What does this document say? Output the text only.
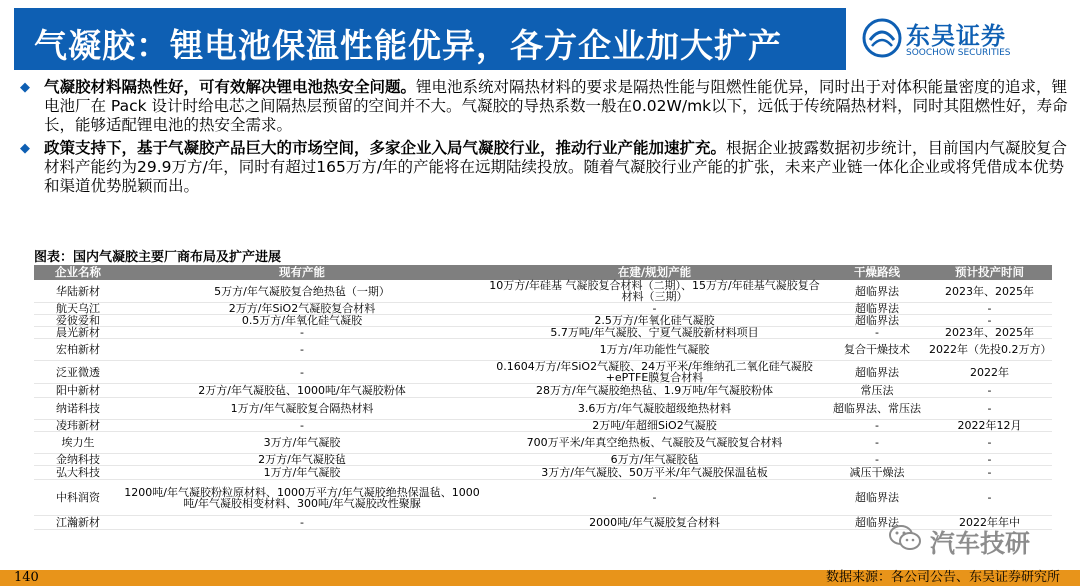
气凝胶：锂电池保温性能优异，各方企业加大扩产	东吴证券
SOOCHOW SECURITIES
◆ 气凝胶材料隔热性好，可有效解决锂电池热安全问题。锂电池系统对隔热材料的要求是隔热性能与阻燃性能优异，同时出于对体积能量密度的追求，锂电池厂在 Pack 设计时给电芯之间隔热层预留的空间并不大。气凝胶的导热系数一般在0.02W/mk以下，远低于传统隔热材料，同时其阻燃性好，寿命长，能够适配锂电池的热安全需求。
◆ 政策支持下，基于气凝胶产品巨大的市场空间，多家企业入局气凝胶行业，推动行业产能加速扩充。根据企业披露数据初步统计，目前国内气凝胶复合材料产能约为29.9万方/年，同时有超过165万方/年的产能将在远期陆续投放。随着气凝胶行业产能的扩张，未来产业链一体化企业或将凭借成本优势和渠道优势脱颖而出。
图表：国内气凝胶主要厂商布局及扩产进展
企业名称	现有产能	在建/规划产能	干燥路线	预计投产时间
华陆新材	5万方/年气凝胶复合绝热毡（一期）	10万方/年硅基 气凝胶复合材料（二期）、15万方/年硅基气凝胶复合材料（三期）	超临界法	2023年、2025年
航天乌江	2万方/年SiO2气凝胶复合材料	-	超临界法	-
爱彼爱和	0.5万方/年氧化硅气凝胶	2.5万方/年氧化硅气凝胶	超临界法	-
晨光新材	-	5.7万吨/年气凝胶、宁夏气凝胶新材料项目	-	2023年、2025年
宏柏新材	-	1万方/年功能性气凝胶	复合干燥技术	2022年（先投0.2万方）
泛亚微透	-	0.1604万方/年SiO2气凝胶、24万平米/年维纳孔二氧化硅气凝胶+ePTFE膜复合材料	超临界法	2022年
阳中新材	2万方/年气凝胶毡、1000吨/年气凝胶粉体	28万方/年气凝胶绝热毡、1.9万吨/年气凝胶粉体	常压法	-
纳诺科技	1万方/年气凝胶复合隔热材料	3.6万方/年气凝胶超级绝热材料	超临界法、常压法	-
凌玮新材	-	2万吨/年超细SiO2气凝胶	-	2022年12月
埃力生	3万方/年气凝胶	700万平米/年真空绝热板、气凝胶及气凝胶复合材料	-	-
金纳科技	2万方/年气凝胶毡	6万方/年气凝胶毡	-	-
弘大科技	1万方/年气凝胶	3万方/年气凝胶、50万平米/年气凝胶保温毡板	减压干燥法	-
中科润资	1200吨/年气凝胶粉粒原材料、1000万平方/年气凝胶绝热保温毡、1000吨/年气凝胶相变材料、300吨/年气凝胶改性聚脲	-	超临界法	-
江瀚新材	-	2000吨/年气凝胶复合材料	超临界法	2022年年中
汽车技研
140	数据来源：各公司公告、东吴证券研究所
